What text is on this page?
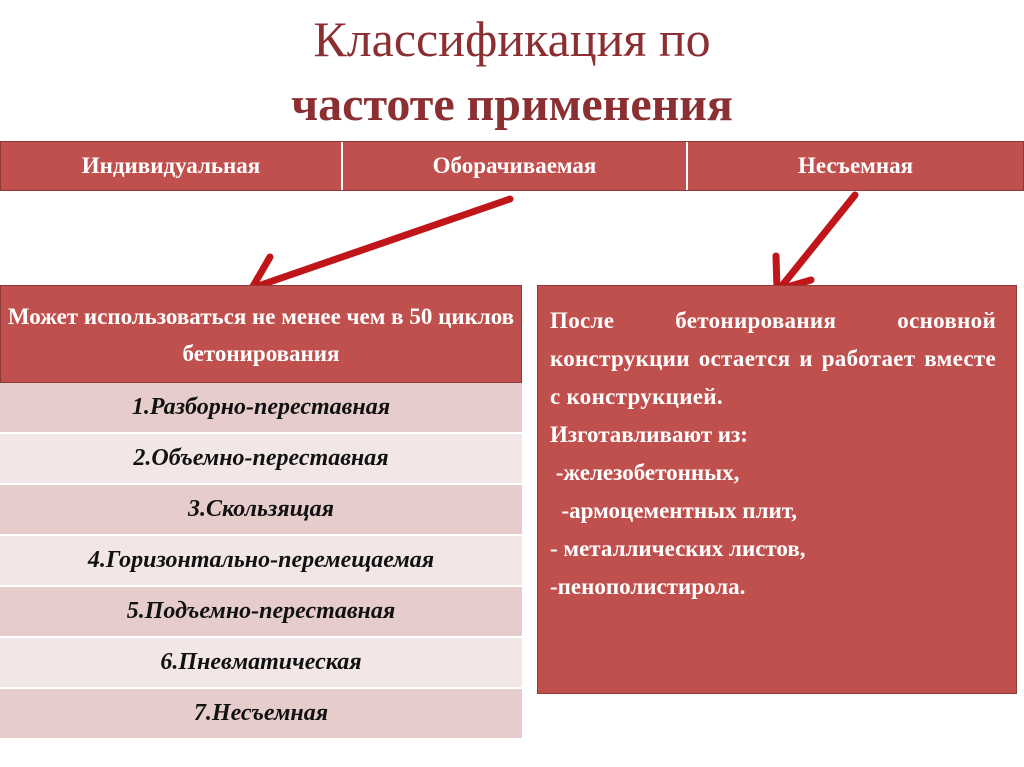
Классификация по
частоте применения
Индивидуальная	Оборачиваемая	Несъемная
Может использоваться не менее чем в 50 циклов бетонирования
1.Разборно-переставная
2.Объемно-переставная
3.Скользящая
4.Горизонтально-перемещаемая
5.Подъемно-переставная
6.Пневматическая
7.Несъемная
После бетонирования основной конструкции остается и работает вместе с конструкцией.
Изготавливают из:
-железобетонных,
-армоцементных плит,
- металлических листов,
-пенополистирола.
